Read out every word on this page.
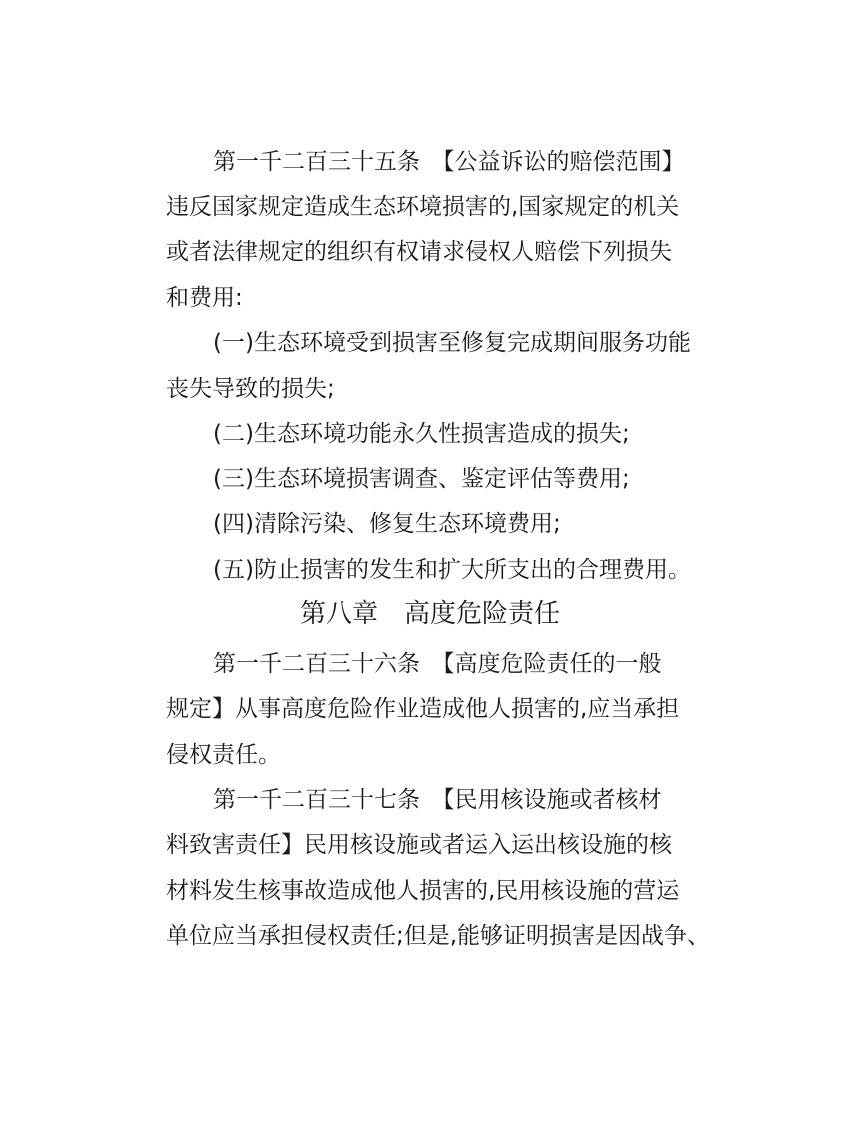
第一千二百三十五条　【公益诉讼的赔偿范围】
违反国家规定造成生态环境损害的,国家规定的机关
或者法律规定的组织有权请求侵权人赔偿下列损失
和费用:
(一)生态环境受到损害至修复完成期间服务功能
丧失导致的损失;
(二)生态环境功能永久性损害造成的损失;
(三)生态环境损害调查、鉴定评估等费用;
(四)清除污染、修复生态环境费用;
(五)防止损害的发生和扩大所支出的合理费用。
第八章　高度危险责任
第一千二百三十六条　【高度危险责任的一般
规定】从事高度危险作业造成他人损害的,应当承担
侵权责任。
第一千二百三十七条　【民用核设施或者核材
料致害责任】民用核设施或者运入运出核设施的核
材料发生核事故造成他人损害的,民用核设施的营运
单位应当承担侵权责任;但是,能够证明损害是因战争、
